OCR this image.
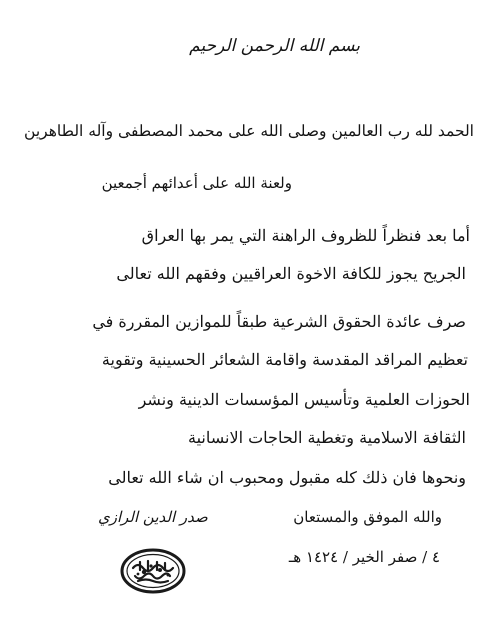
بسم الله الرحمن الرحيم
الحمد لله رب العالمين وصلى الله على محمد المصطفى وآله الطاهرين
ولعنة الله على أعدائهم أجمعين
أما بعد فنظراً للظروف الراهنة التي يمر بها العراق
الجريح يجوز للكافة الاخوة العراقيين وفقهم الله تعالى
صرف عائدة الحقوق الشرعية طبقاً للموازين المقررة في
تعظيم المراقد المقدسة واقامة الشعائر الحسينية وتقوية
الحوزات العلمية وتأسيس المؤسسات الدينية ونشر
الثقافة الاسلامية وتغطية الحاجات الانسانية
ونحوها فان ذلك كله مقبول ومحبوب ان شاء الله تعالى
والله الموفق والمستعان
صدر الدين الرازي
٤ / صفر الخير / ١٤٢٤ هـ
